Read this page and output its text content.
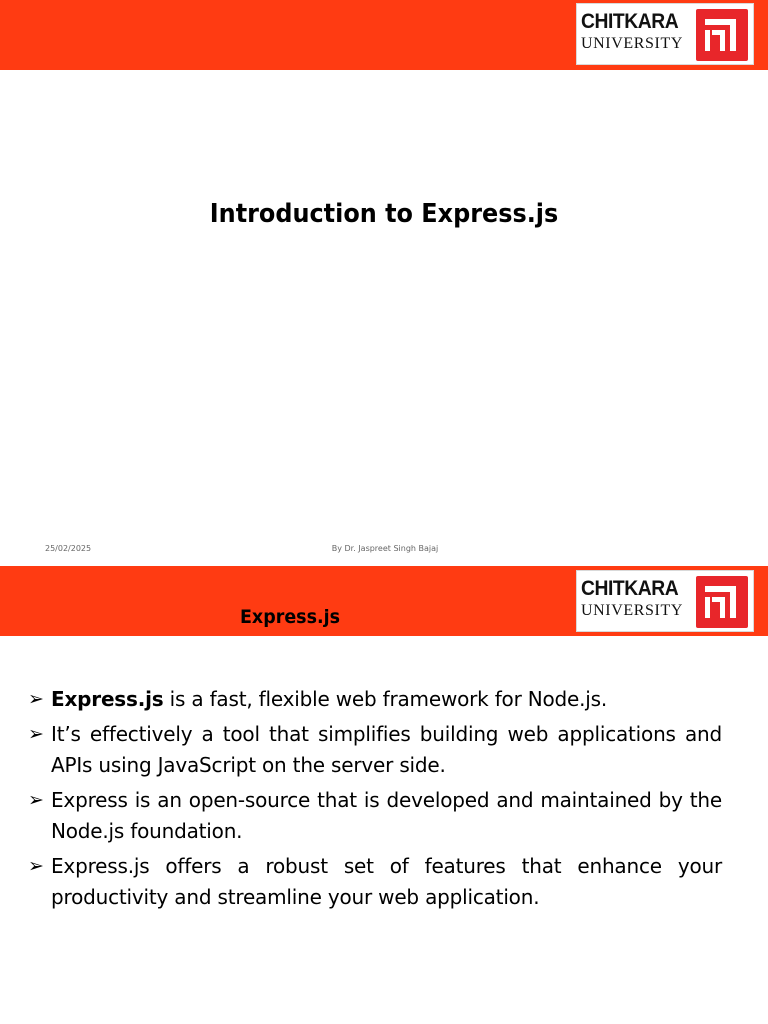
CHITKARA
UNIVERSITY
Introduction to Express.js
25/02/2025	By Dr. Jaspreet Singh Bajaj
Express.js
CHITKARA
UNIVERSITY
➢ Express.js is a fast, flexible web framework for Node.js.
➢ It’s effectively a tool that simplifies building web applications and APIs using JavaScript on the server side.
➢ Express is an open-source that is developed and maintained by the Node.js foundation.
➢ Express.js offers a robust set of features that enhance your productivity and streamline your web application.
